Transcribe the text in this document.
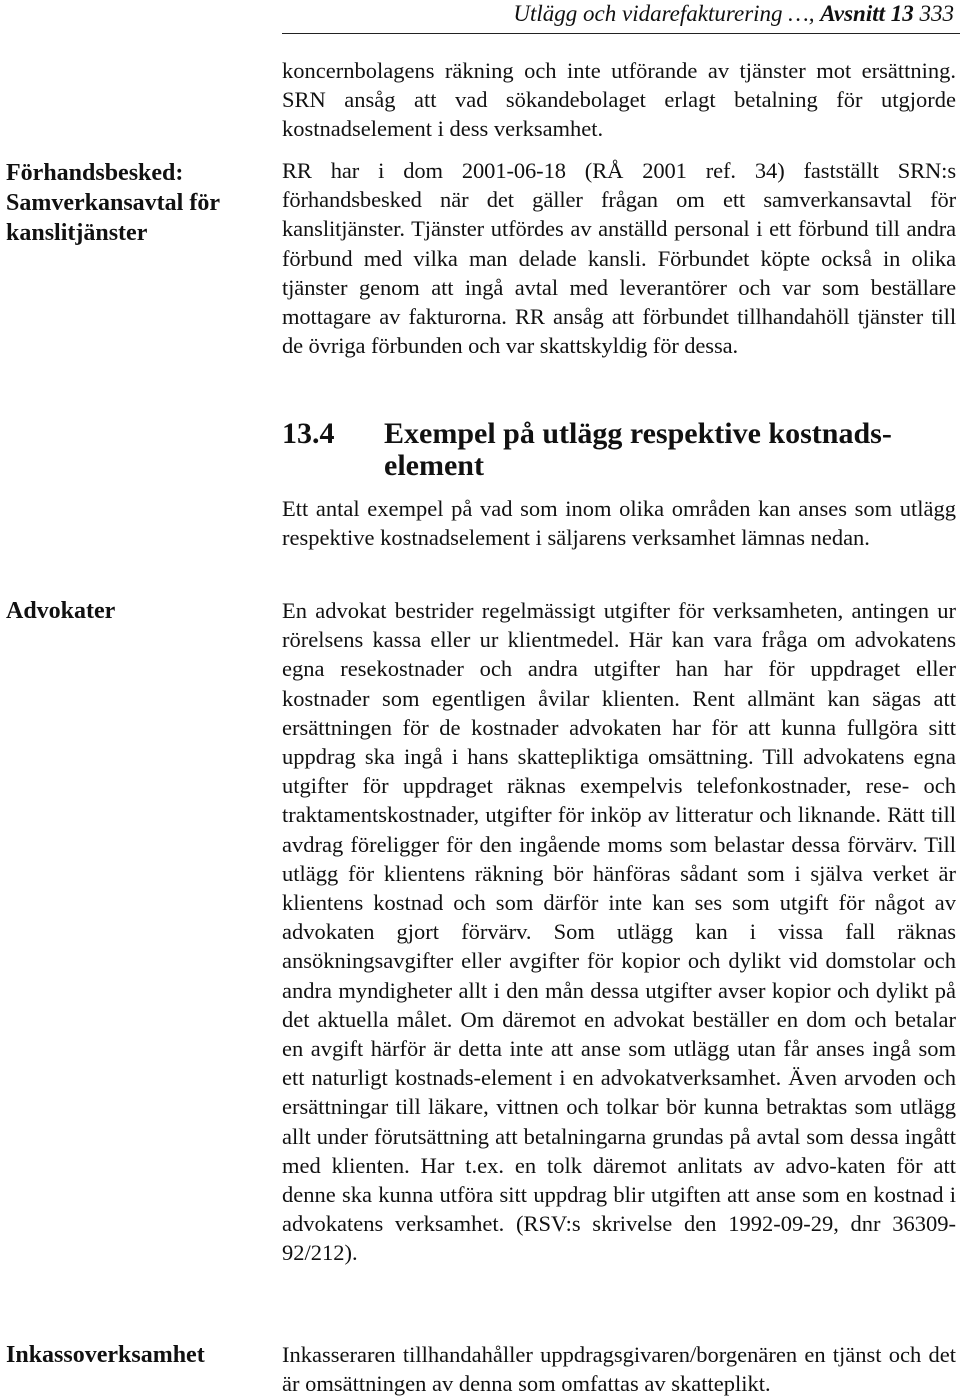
Utlägg och vidarefakturering …, Avsnitt 13 333
Förhandsbesked: Samverkansavtal för kanslitjänster
Advokater
Inkassoverksamhet
koncernbolagens räkning och inte utförande av tjänster mot ersättning. SRN ansåg att vad sökandebolaget erlagt betalning för utgjorde kostnadselement i dess verksamhet.
RR har i dom 2001-06-18 (RÅ 2001 ref. 34) fastställt SRN:s förhandsbesked när det gäller frågan om ett samverkansavtal för kanslitjänster. Tjänster utfördes av anställd personal i ett förbund till andra förbund med vilka man delade kansli. Förbundet köpte också in olika tjänster genom att ingå avtal med leverantörer och var som beställare mottagare av fakturorna. RR ansåg att förbundet tillhandahöll tjänster till de övriga förbunden och var skattskyldig för dessa.
13.4 Exempel på utlägg respektive kostnads-element
Ett antal exempel på vad som inom olika områden kan anses som utlägg respektive kostnadselement i säljarens verksamhet lämnas nedan.
En advokat bestrider regelmässigt utgifter för verksamheten, antingen ur rörelsens kassa eller ur klientmedel. Här kan vara fråga om advokatens egna resekostnader och andra utgifter han har för uppdraget eller kostnader som egentligen åvilar klienten. Rent allmänt kan sägas att ersättningen för de kostnader advokaten har för att kunna fullgöra sitt uppdrag ska ingå i hans skattepliktiga omsättning. Till advokatens egna utgifter för uppdraget räknas exempelvis telefonkostnader, rese- och traktamentskostnader, utgifter för inköp av litteratur och liknande. Rätt till avdrag föreligger för den ingående moms som belastar dessa förvärv. Till utlägg för klientens räkning bör hänföras sådant som i själva verket är klientens kostnad och som därför inte kan ses som utgift för något av advokaten gjort förvärv. Som utlägg kan i vissa fall räknas ansökningsavgifter eller avgifter för kopior och dylikt vid domstolar och andra myndigheter allt i den mån dessa utgifter avser kopior och dylikt på det aktuella målet. Om däremot en advokat beställer en dom och betalar en avgift härför är detta inte att anse som utlägg utan får anses ingå som ett naturligt kostnads-element i en advokatverksamhet. Även arvoden och ersättningar till läkare, vittnen och tolkar bör kunna betraktas som utlägg allt under förutsättning att betalningarna grundas på avtal som dessa ingått med klienten. Har t.ex. en tolk däremot anlitats av advo-katen för att denne ska kunna utföra sitt uppdrag blir utgiften att anse som en kostnad i advokatens verksamhet. (RSV:s skrivelse den 1992-09-29, dnr 36309-92/212).
Inkasseraren tillhandahåller uppdragsgivaren/borgenären en tjänst och det är omsättningen av denna som omfattas av skatteplikt.
